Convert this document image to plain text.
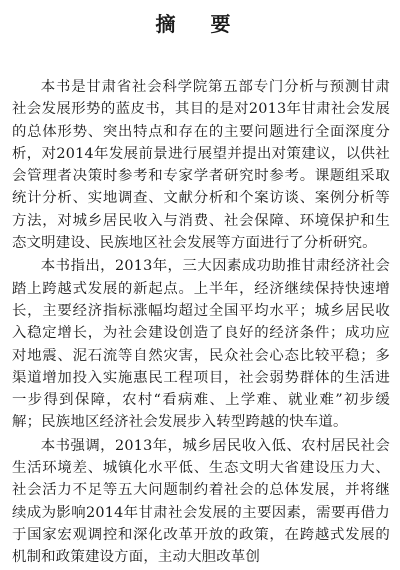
摘 要

本书是甘肃省社会科学院第五部专门分析与预测甘肃社会发展形势的蓝皮书，其目的是对2013年甘肃社会发展的总体形势、突出特点和存在的主要问题进行全面深度分析，对2014年发展前景进行展望并提出对策建议，以供社会管理者决策时参考和专家学者研究时参考。课题组采取统计分析、实地调查、文献分析和个案访谈、案例分析等方法，对城乡居民收入与消费、社会保障、环境保护和生态文明建设、民族地区社会发展等方面进行了分析研究。

本书指出，2013年，三大因素成功助推甘肃经济社会踏上跨越式发展的新起点。上半年，经济继续保持快速增长，主要经济指标涨幅均超过全国平均水平；城乡居民收入稳定增长，为社会建设创造了良好的经济条件；成功应对地震、泥石流等自然灾害，民众社会心态比较平稳；多渠道增加投入实施惠民工程项目，社会弱势群体的生活进一步得到保障，农村“看病难、上学难、就业难”初步缓解；民族地区经济社会发展步入转型跨越的快车道。

本书强调，2013年，城乡居民收入低、农村居民社会生活环境差、城镇化水平低、生态文明大省建设压力大、社会活力不足等五大问题制约着社会的总体发展，并将继续成为影响2014年甘肃社会发展的主要因素，需要再借力于国家宏观调控和深化改革开放的政策，在跨越式发展的机制和政策建设方面，主动大胆改革创
